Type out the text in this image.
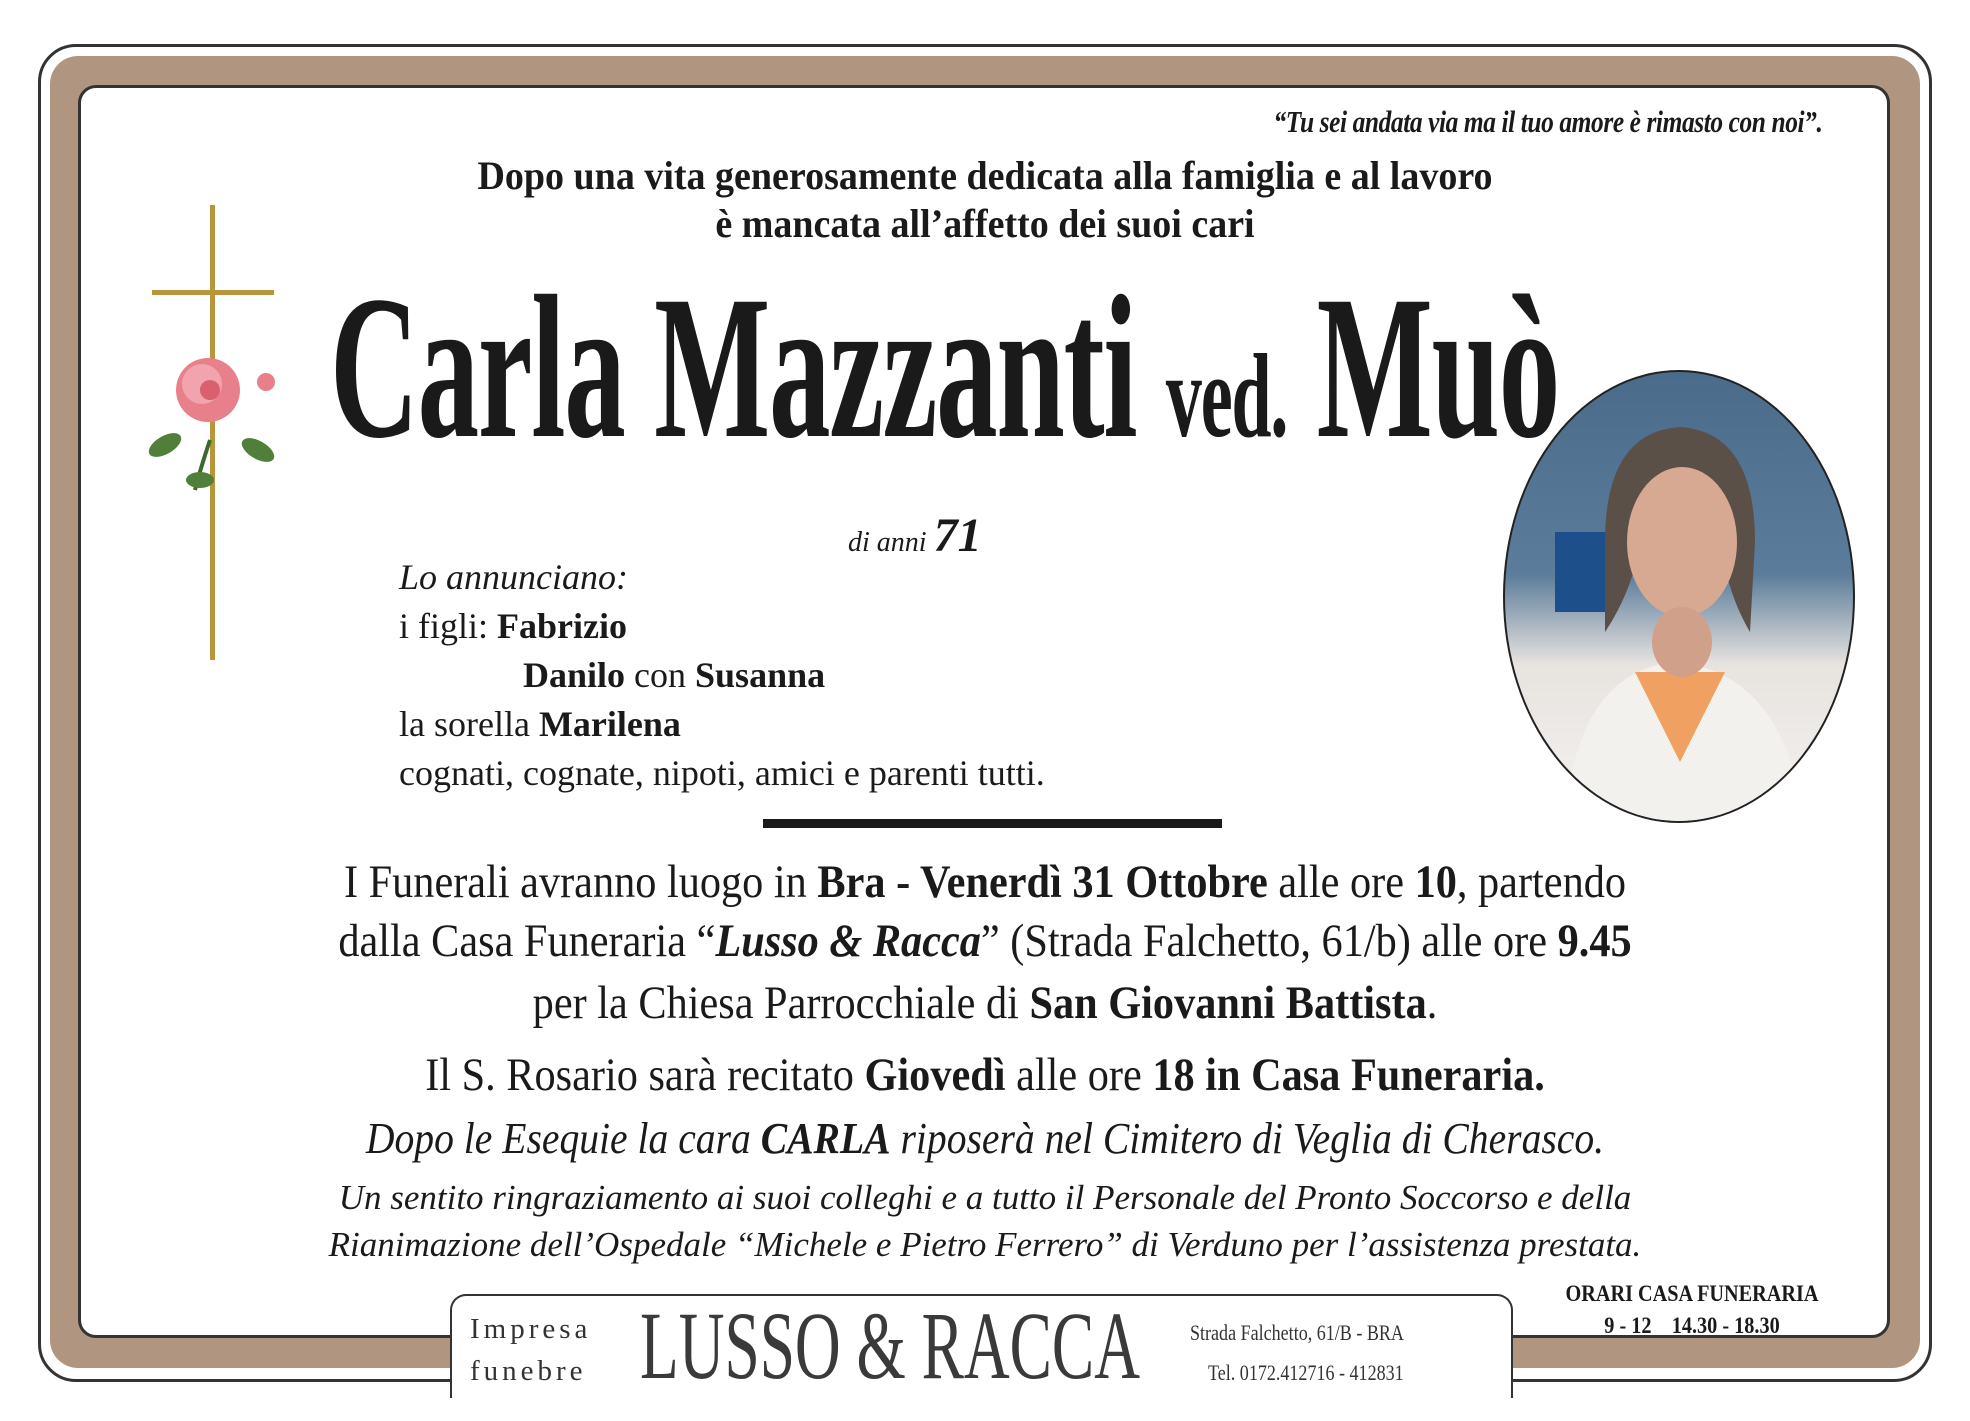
“Tu sei andata via ma il tuo amore è rimasto con noi”.
Dopo una vita generosamente dedicata alla famiglia e al lavoro
è mancata all’affetto dei suoi cari
Carla Mazzanti ved. Muò
di anni 71
Lo annunciano:
i figli: Fabrizio
Danilo con Susanna
la sorella Marilena
cognati, cognate, nipoti, amici e parenti tutti.
I Funerali avranno luogo in Bra - Venerdì 31 Ottobre alle ore 10, partendo
dalla Casa Funeraria “Lusso & Racca” (Strada Falchetto, 61/b) alle ore 9.45
per la Chiesa Parrocchiale di San Giovanni Battista.
Il S. Rosario sarà recitato Giovedì alle ore 18 in Casa Funeraria.
Dopo le Esequie la cara CARLA riposerà nel Cimitero di Veglia di Cherasco.
Un sentito ringraziamento ai suoi colleghi e a tutto il Personale del Pronto Soccorso e della
Rianimazione dell’Ospedale “Michele e Pietro Ferrero” di Verduno per l’assistenza prestata.
Impresa
funebre LUSSO & RACCA Strada Falchetto, 61/B - BRA
Tel. 0172.412716 - 412831
ORARI CASA FUNERARIA
9 - 12    14.30 - 18.30
